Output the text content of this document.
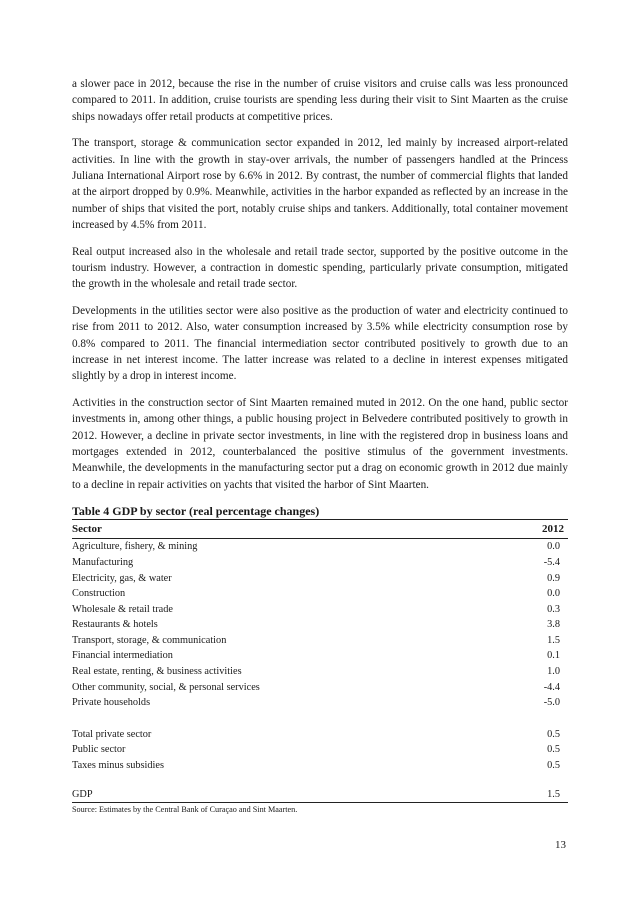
a slower pace in 2012, because the rise in the number of cruise visitors and cruise calls was less pronounced compared to 2011. In addition, cruise tourists are spending less during their visit to Sint Maarten as the cruise ships nowadays offer retail products at competitive prices.

The transport, storage & communication sector expanded in 2012, led mainly by increased airport-related activities. In line with the growth in stay-over arrivals, the number of passengers handled at the Princess Juliana International Airport rose by 6.6% in 2012. By contrast, the number of commercial flights that landed at the airport dropped by 0.9%. Meanwhile, activities in the harbor expanded as reflected by an increase in the number of ships that visited the port, notably cruise ships and tankers. Additionally, total container movement increased by 4.5% from 2011.

Real output increased also in the wholesale and retail trade sector, supported by the positive outcome in the tourism industry. However, a contraction in domestic spending, particularly private consumption, mitigated the growth in the wholesale and retail trade sector.

Developments in the utilities sector were also positive as the production of water and electricity continued to rise from 2011 to 2012. Also, water consumption increased by 3.5% while electricity consumption rose by 0.8% compared to 2011. The financial intermediation sector contributed positively to growth due to an increase in net interest income. The latter increase was related to a decline in interest expenses mitigated slightly by a drop in interest income.

Activities in the construction sector of Sint Maarten remained muted in 2012. On the one hand, public sector investments in, among other things, a public housing project in Belvedere contributed positively to growth in 2012. However, a decline in private sector investments, in line with the registered drop in business loans and mortgages extended in 2012, counterbalanced the positive stimulus of the government investments. Meanwhile, the developments in the manufacturing sector put a drag on economic growth in 2012 due mainly to a decline in repair activities on yachts that visited the harbor of Sint Maarten.

Table 4 GDP by sector (real percentage changes)
Sector	2012
Agriculture, fishery, & mining	0.0
Manufacturing	-5.4
Electricity, gas, & water	0.9
Construction	0.0
Wholesale & retail trade	0.3
Restaurants & hotels	3.8
Transport, storage, & communication	1.5
Financial intermediation	0.1
Real estate, renting, & business activities	1.0
Other community, social, & personal services	-4.4
Private households	-5.0
Total private sector	0.5
Public sector	0.5
Taxes minus subsidies	0.5
GDP	1.5
Source: Estimates by the Central Bank of Curaçao and Sint Maarten.
13
